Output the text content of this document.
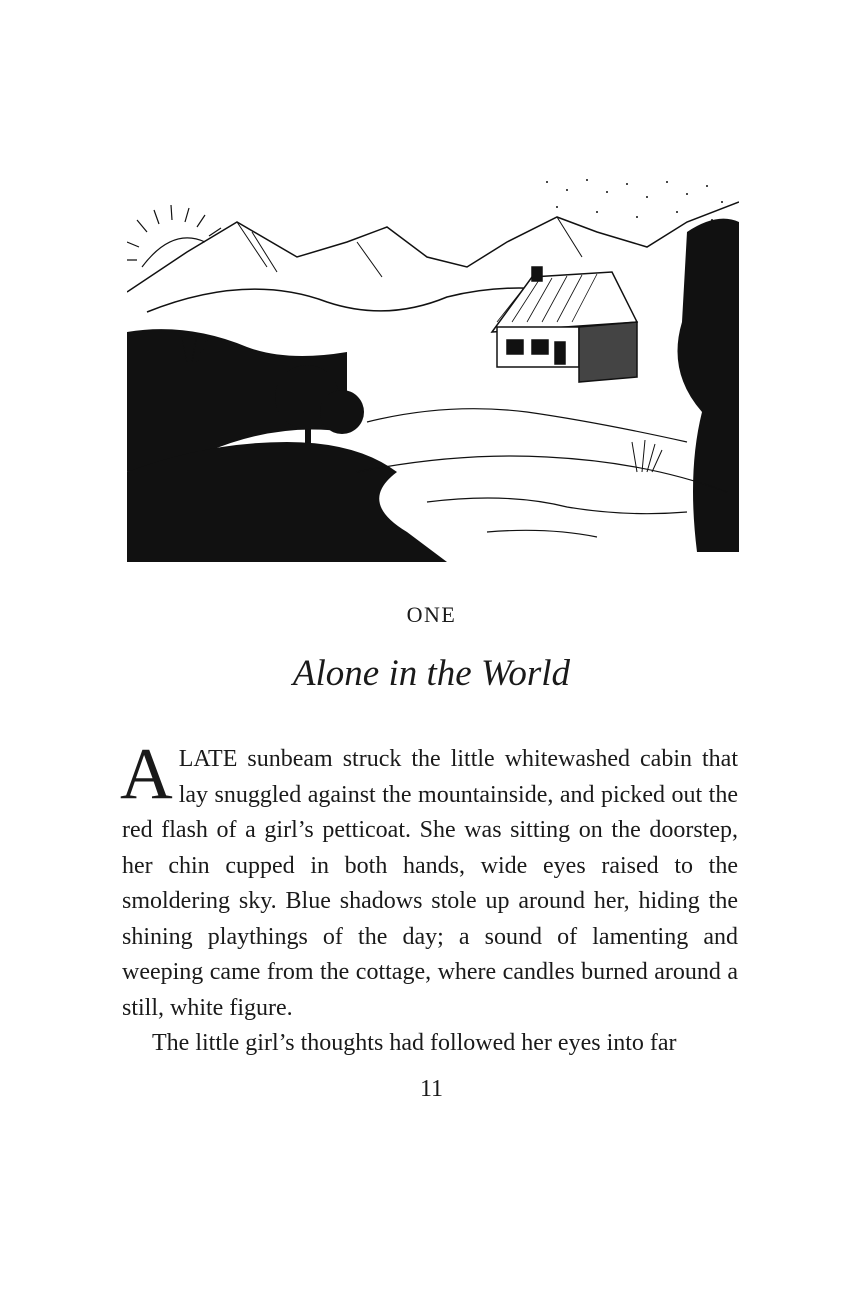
ONE
Alone in the World

A LATE sunbeam struck the little whitewashed cabin that lay snuggled against the mountainside, and picked out the red flash of a girl’s petticoat. She was sitting on the doorstep, her chin cupped in both hands, wide eyes raised to the smoldering sky. Blue shadows stole up around her, hiding the shining playthings of the day; a sound of lamenting and weeping came from the cottage, where candles burned around a still, white figure.

The little girl’s thoughts had followed her eyes into far

11
